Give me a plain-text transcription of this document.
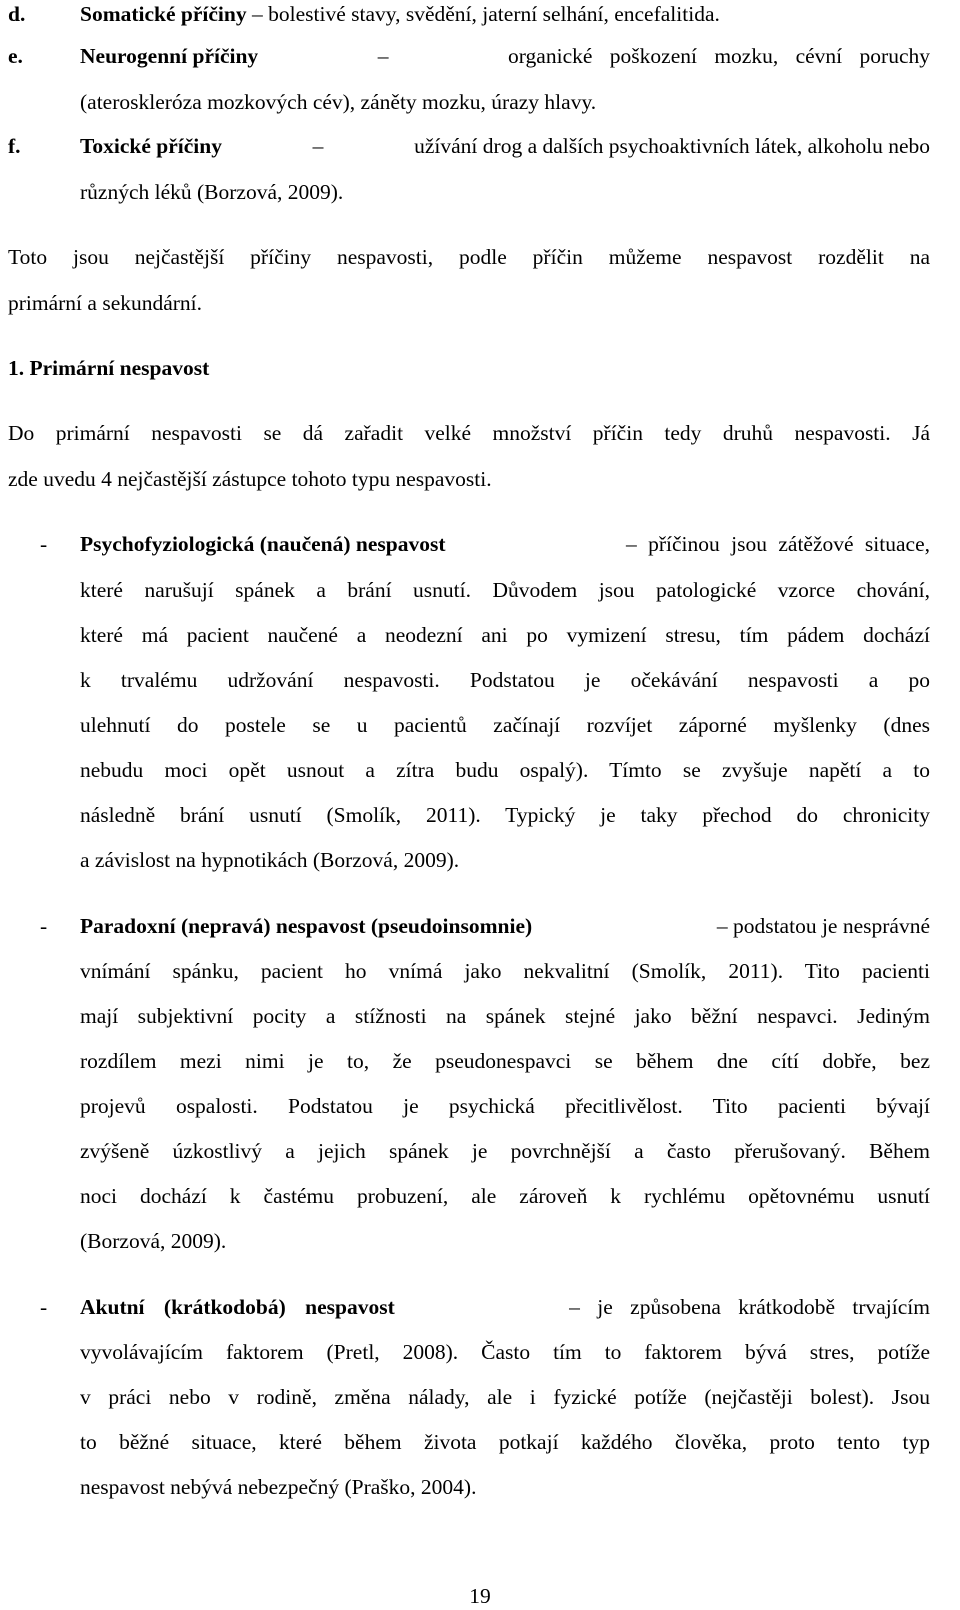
d.	Somatické příčiny – bolestivé stavy, svědění, jaterní selhání, encefalitida.
e.	Neurogenní příčiny	–	organické poškození mozku, cévní poruchy
(ateroskleróza mozkových cév), záněty mozku, úrazy hlavy.
f.	Toxické příčiny	–	užívání drog a dalších psychoaktivních látek, alkoholu nebo
různých léků (Borzová, 2009).
Toto jsou nejčastější příčiny nespavosti, podle příčin můžeme nespavost rozdělit na
primární a sekundární.
1. Primární nespavost
Do primární nespavosti se dá zařadit velké množství příčin tedy druhů nespavosti. Já
zde uvedu 4 nejčastější zástupce tohoto typu nespavosti.
- Psychofyziologická (naučená) nespavost	– příčinou jsou zátěžové situace,
které narušují spánek a brání usnutí. Důvodem jsou patologické vzorce chování,
které má pacient naučené a neodezní ani po vymizení stresu, tím pádem dochází
k trvalému udržování nespavosti. Podstatou je očekávání nespavosti a po
ulehnutí do postele se u pacientů začínají rozvíjet záporné myšlenky (dnes
nebudu moci opět usnout a zítra budu ospalý). Tímto se zvyšuje napětí a to
následně brání usnutí (Smolík, 2011). Typický je taky přechod do chronicity
a závislost na hypnotikách (Borzová, 2009).
- Paradoxní (nepravá) nespavost (pseudoinsomnie)	– podstatou je nesprávné
vnímání spánku, pacient ho vnímá jako nekvalitní (Smolík, 2011). Tito pacienti
mají subjektivní pocity a stížnosti na spánek stejné jako běžní nespavci. Jediným
rozdílem mezi nimi je to, že pseudonespavci se během dne cítí dobře, bez
projevů ospalosti. Podstatou je psychická přecitlivělost. Tito pacienti bývají
zvýšeně úzkostlivý a jejich spánek je povrchnější a často přerušovaný. Během
noci dochází k častému probuzení, ale zároveň k rychlému opětovnému usnutí
(Borzová, 2009).
- Akutní (krátkodobá) nespavost	– je způsobena krátkodobě trvajícím
vyvolávajícím faktorem (Pretl, 2008). Často tím to faktorem bývá stres, potíže
v práci nebo v rodině, změna nálady, ale i fyzické potíže (nejčastěji bolest). Jsou
to běžné situace, které během života potkají každého člověka, proto tento typ
nespavost nebývá nebezpečný (Praško, 2004).
19
